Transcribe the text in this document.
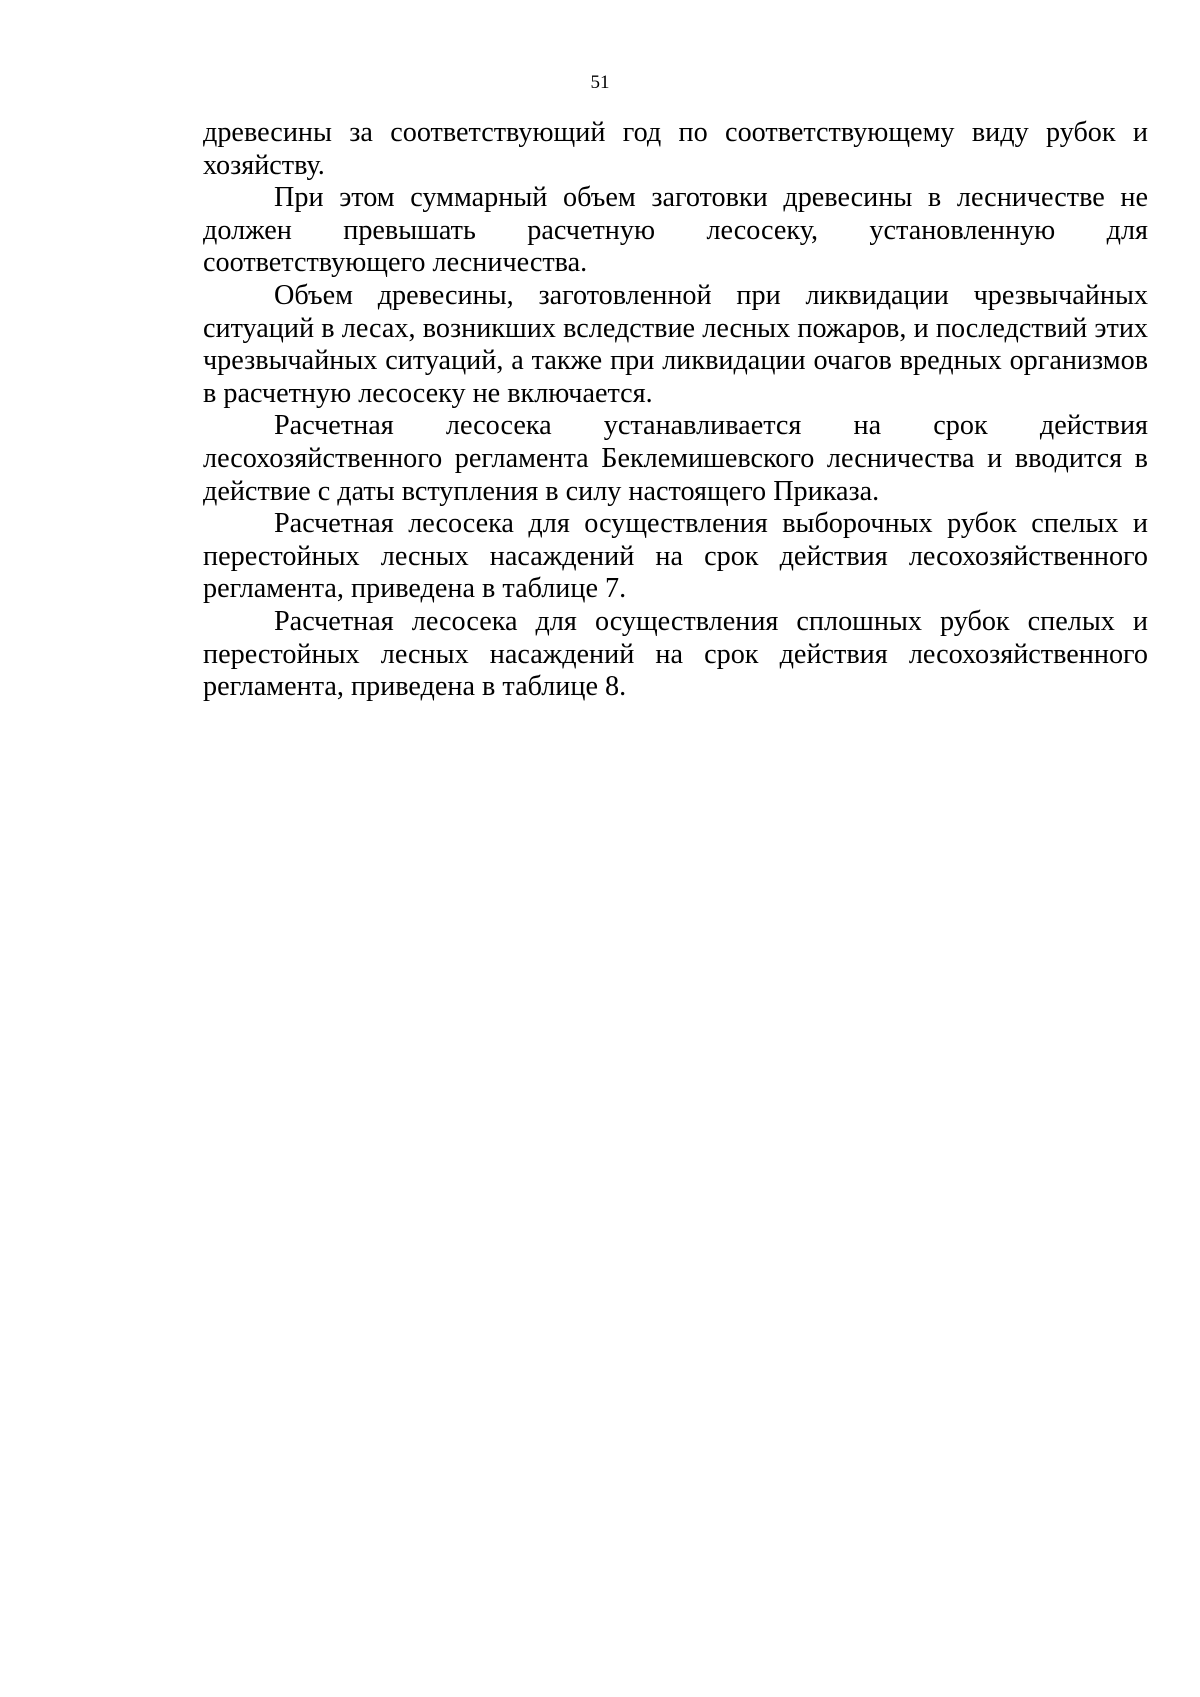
51

древесины за соответствующий год по соответствующему виду рубок и хозяйству.

При этом суммарный объем заготовки древесины в лесничестве не должен превышать расчетную лесосеку, установленную для соответствующего лесничества.

Объем древесины, заготовленной при ликвидации чрезвычайных ситуаций в лесах, возникших вследствие лесных пожаров, и последствий этих чрезвычайных ситуаций, а также при ликвидации очагов вредных организмов в расчетную лесосеку не включается.

Расчетная лесосека устанавливается на срок действия лесохозяйственного регламента Беклемишевского лесничества и вводится в действие с даты вступления в силу настоящего Приказа.

Расчетная лесосека для осуществления выборочных рубок спелых и перестойных лесных насаждений на срок действия лесохозяйственного регламента, приведена в таблице 7.

Расчетная лесосека для осуществления сплошных рубок спелых и перестойных лесных насаждений на срок действия лесохозяйственного регламента, приведена в таблице 8.
